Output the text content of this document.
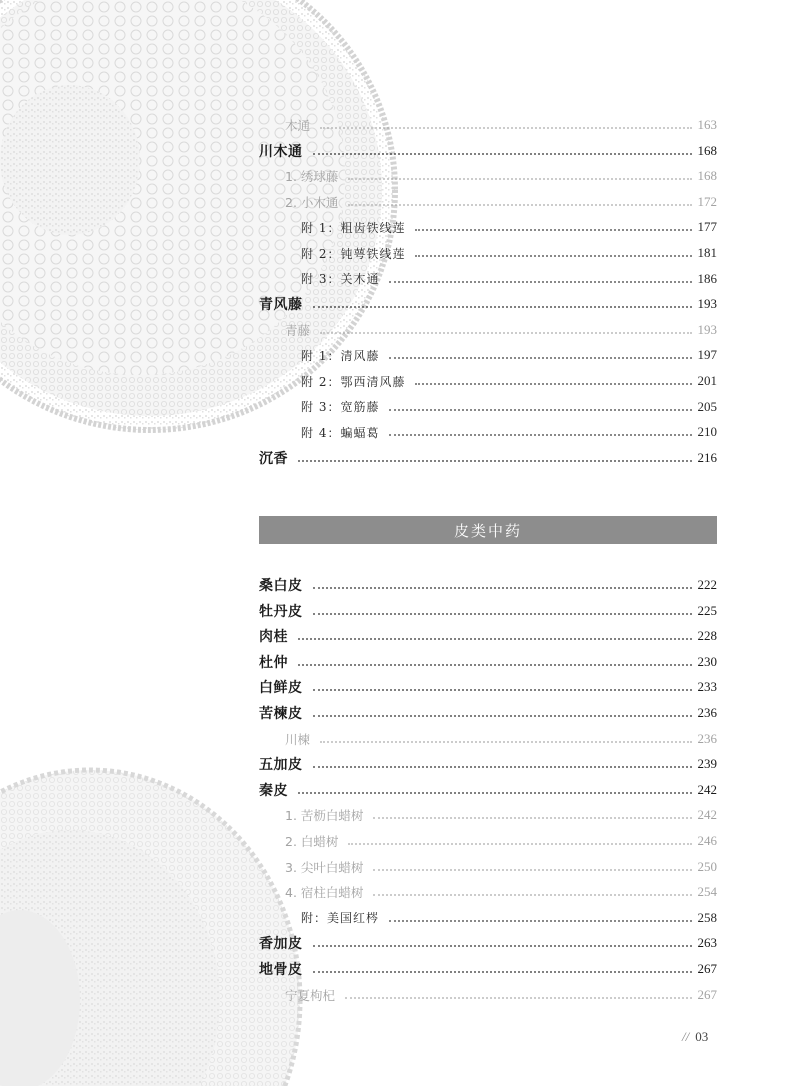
木通	163
川木通	168
1. 绣球藤	168
2. 小木通	172
附 1：粗齿铁线莲	177
附 2：钝萼铁线莲	181
附 3：关木通	186
青风藤	193
青藤	193
附 1：清风藤	197
附 2：鄂西清风藤	201
附 3：宽筋藤	205
附 4：蝙蝠葛	210
沉香	216
皮类中药
桑白皮	222
牡丹皮	225
肉桂	228
杜仲	230
白鲜皮	233
苦楝皮	236
川楝	236
五加皮	239
秦皮	242
1. 苦枥白蜡树	242
2. 白蜡树	246
3. 尖叶白蜡树	250
4. 宿柱白蜡树	254
附：美国红梣	258
香加皮	263
地骨皮	267
宁夏枸杞	267
// 03
